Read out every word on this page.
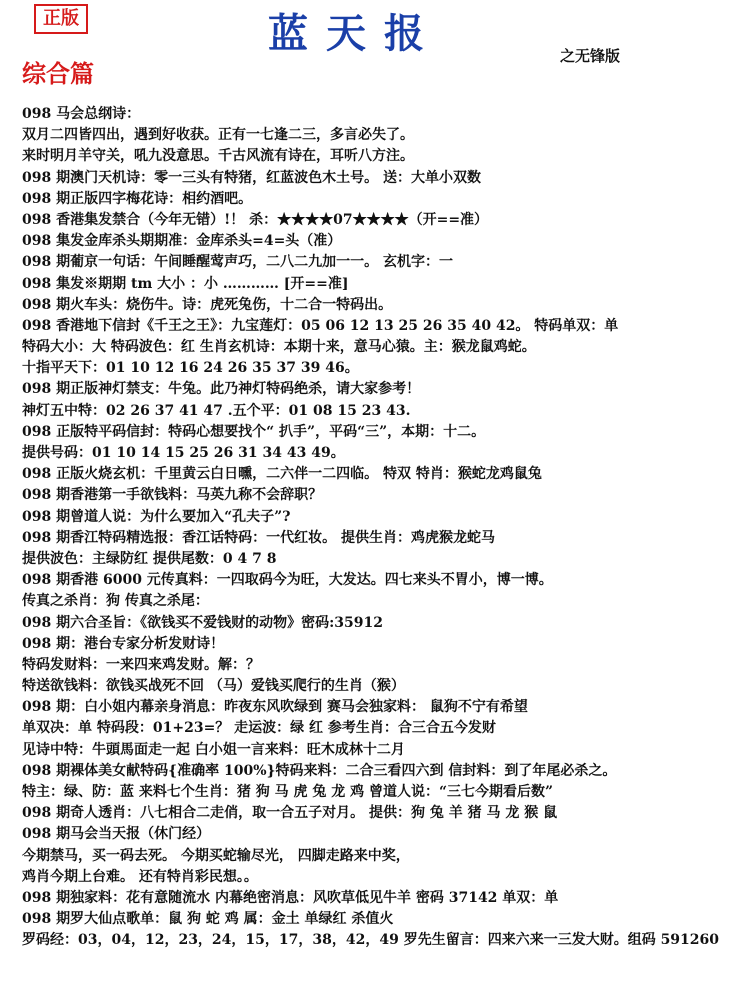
正版	蓝天报	之无锋版
综合篇
098 马会总纲诗：
双月二四皆四出，遇到好收获。正有一七逢二三，多言必失了。
来时明月羊守关，吼九没意思。千古风流有诗在，耳听八方注。
098 期澳门天机诗：零一三头有特猪，红蓝波色木土号。 送：大单小双数
098 期正版四字梅花诗：相约酒吧。
098 香港集发禁合（今年无错）!！ 杀：★★★★07★★★★（开==准）
098 集发金库杀头期期准：金库杀头=4=头（准）
098 期葡京一句话：午间睡醒莺声巧，二八二九加一一。 玄机字：一
098 集发※期期 tm 大小 ：小 ………… [开==准]
098 期火车头：烧伤牛。诗：虎死兔伤，十二合一特码出。
098 香港地下信封《千王之王》：九宝莲灯：05 06 12 13 25 26 35 40 42。 特码单双：单
特码大小：大 特码波色：红 生肖玄机诗：本期十来，意马心猿。主：猴龙鼠鸡蛇。
十指平天下：01 10 12 16 24 26 35 37 39 46。
098 期正版神灯禁支：牛兔。此乃神灯特码绝杀，请大家参考！
神灯五中特：02 26 37 41 47 .五个平：01 08 15 23 43.
098 正版特平码信封：特码心想要找个“ 扒手”，平码“三”，本期：十二。
提供号码：01 10 14 15 25 26 31 34 43 49。
098 正版火烧玄机：千里黄云白日曛，二六伴一二四临。 特双 特肖：猴蛇龙鸡鼠兔
098 期香港第一手欲钱料：马英九称不会辞职？
098 期曾道人说：为什么要加入“孔夫子”?
098 期香江特码精选报：香江话特码：一代红妆。 提供生肖：鸡虎猴龙蛇马
提供波色：主绿防红 提供尾数：0 4 7 8
098 期香港 6000 元传真料：一四取码今为旺，大发达。四七来头不胃小，博一博。
传真之杀肖：狗 传真之杀尾：
098 期六合圣旨：《欲钱买不爱钱财的动物》密码:35912
098 期：港台专家分析发财诗！
特码发财料：一来四来鸡发财。解：？
特送欲钱料：欲钱买战死不回 （马）爱钱买爬行的生肖（猴）
098 期：白小姐内幕亲身消息：昨夜东风吹绿到 赛马会独家料： 鼠狗不宁有希望
单双决：单 特码段：01+23=？ 走运波：绿 红 参考生肖：合三合五今发财
见诗中特：牛頭馬面走一起 白小姐一言来料：旺木成林十二月
098 期裸体美女献特码{准确率 100%}特码来料：二合三看四六到 信封料：到了年尾必杀之。
特主：绿、防：蓝 来料七个生肖：猪 狗 马 虎 兔 龙 鸡 曾道人说：“三七今期看后数”
098 期奇人透肖：八七相合二走俏，取一合五子对月。 提供：狗 兔 羊 猪 马 龙 猴 鼠
098 期马会当天报（休门经）
今期禁马，买一码去死。 今期买蛇输尽光， 四脚走路来中奖，
鸡肖今期上台难。 还有特肖彩民想。。
098 期独家料：花有意随流水 内幕绝密消息：风吹草低见牛羊 密码 37142 单双：单
098 期罗大仙点歌单：鼠 狗 蛇 鸡 属：金土 单绿红 杀值火
罗码经：03，04，12，23，24，15，17，38，42，49 罗先生留言：四来六来一三发大财。组码 591260
